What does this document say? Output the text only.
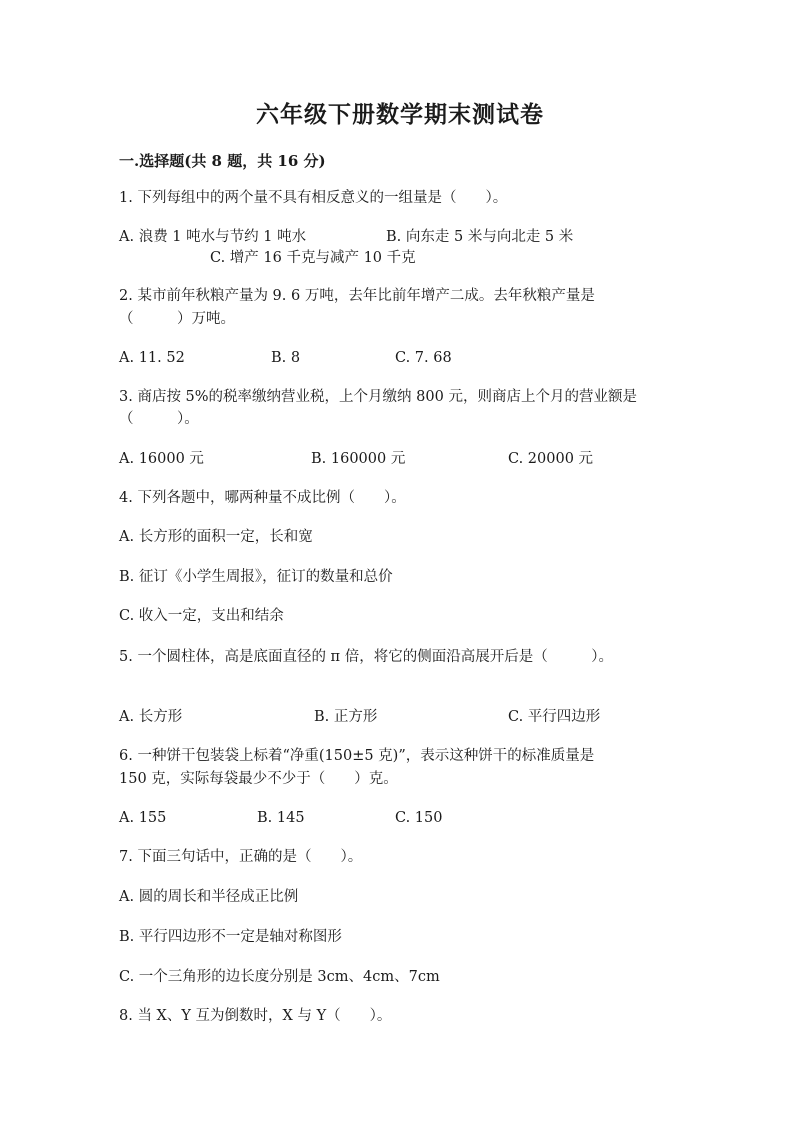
六年级下册数学期末测试卷
一.选择题(共 8 题，共 16 分)
1. 下列每组中的两个量不具有相反意义的一组量是（　　）。
A. 浪费 1 吨水与节约 1 吨水	B. 向东走 5 米与向北走 5 米
C. 增产 16 千克与减产 10 千克
2. 某市前年秋粮产量为 9. 6 万吨，去年比前年增产二成。去年秋粮产量是
（　　　）万吨。
A. 11. 52	B. 8	C. 7. 68
3. 商店按 5%的税率缴纳营业税，上个月缴纳 800 元，则商店上个月的营业额是
（　　　）。
A. 16000 元	B. 160000 元	C. 20000 元
4. 下列各题中，哪两种量不成比例（　　）。
A. 长方形的面积一定，长和宽
B. 征订《小学生周报》，征订的数量和总价
C. 收入一定，支出和结余
5. 一个圆柱体，高是底面直径的 π 倍，将它的侧面沿高展开后是（　　　）。
A. 长方形	B. 正方形	C. 平行四边形
6. 一种饼干包装袋上标着“净重(150±5 克)”，表示这种饼干的标准质量是
150 克，实际每袋最少不少于（　　）克。
A. 155	B. 145	C. 150
7. 下面三句话中，正确的是（　　）。
A. 圆的周长和半径成正比例
B. 平行四边形不一定是轴对称图形
C. 一个三角形的边长度分别是 3cm、4cm、7cm
8. 当 X、Y 互为倒数时，X 与 Y（　　）。
